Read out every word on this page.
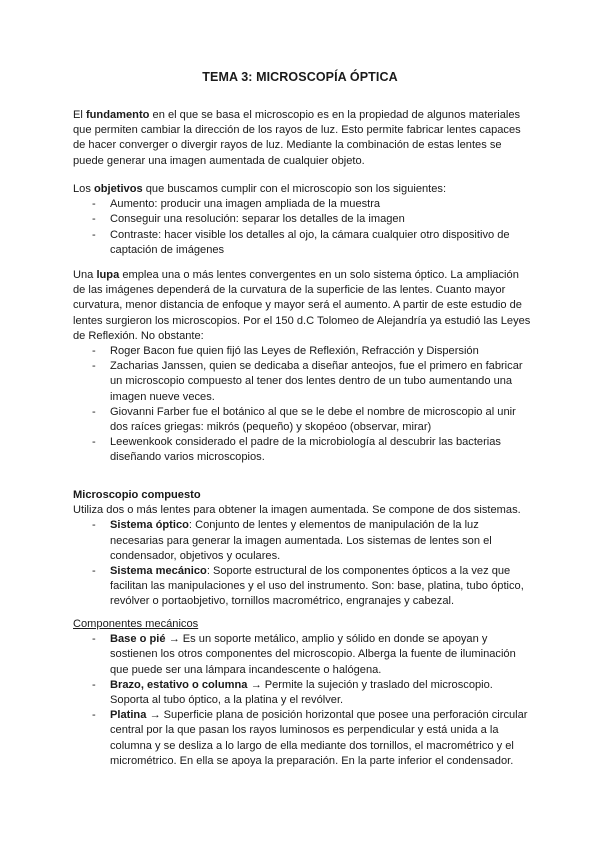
TEMA 3: MICROSCOPÍA ÓPTICA

El fundamento en el que se basa el microscopio es en la propiedad de algunos materiales que permiten cambiar la dirección de los rayos de luz. Esto permite fabricar lentes capaces de hacer converger o divergir rayos de luz. Mediante la combinación de estas lentes se puede generar una imagen aumentada de cualquier objeto.

Los objetivos que buscamos cumplir con el microscopio son los siguientes:

- Aumento: producir una imagen ampliada de la muestra
- Conseguir una resolución: separar los detalles de la imagen
- Contraste: hacer visible los detalles al ojo, la cámara cualquier otro dispositivo de captación de imágenes

Una lupa emplea una o más lentes convergentes en un solo sistema óptico. La ampliación de las imágenes dependerá de la curvatura de la superficie de las lentes. Cuanto mayor curvatura, menor distancia de enfoque y mayor será el aumento. A partir de este estudio de lentes surgieron los microscopios. Por el 150 d.C Tolomeo de Alejandría ya estudió las Leyes de Reflexión. No obstante:

- Roger Bacon fue quien fijó las Leyes de Reflexión, Refracción y Dispersión
- Zacharias Janssen, quien se dedicaba a diseñar anteojos, fue el primero en fabricar un microscopio compuesto al tener dos lentes dentro de un tubo aumentando una imagen nueve veces.
- Giovanni Farber fue el botánico al que se le debe el nombre de microscopio al unir dos raíces griegas: mikrós (pequeño) y skopéoo (observar, mirar)
- Leewenkook considerado el padre de la microbiología al descubrir las bacterias diseñando varios microscopios.

Microscopio compuesto

Utiliza dos o más lentes para obtener la imagen aumentada. Se compone de dos sistemas.

- Sistema óptico: Conjunto de lentes y elementos de manipulación de la luz necesarias para generar la imagen aumentada. Los sistemas de lentes son el condensador, objetivos y oculares.
- Sistema mecánico: Soporte estructural de los componentes ópticos a la vez que facilitan las manipulaciones y el uso del instrumento. Son: base, platina, tubo óptico, revólver o portaobjetivo, tornillos macrométrico, engranajes y cabezal.

Componentes mecánicos

- Base o pié → Es un soporte metálico, amplio y sólido en donde se apoyan y sostienen los otros componentes del microscopio. Alberga la fuente de iluminación que puede ser una lámpara incandescente o halógena.
- Brazo, estativo o columna → Permite la sujeción y traslado del microscopio. Soporta al tubo óptico, a la platina y el revólver.
- Platina → Superficie plana de posición horizontal que posee una perforación circular central por la que pasan los rayos luminosos es perpendicular y está unida a la columna y se desliza a lo largo de ella mediante dos tornillos, el macrométrico y el micrométrico. En ella se apoya la preparación. En la parte inferior el condensador.
